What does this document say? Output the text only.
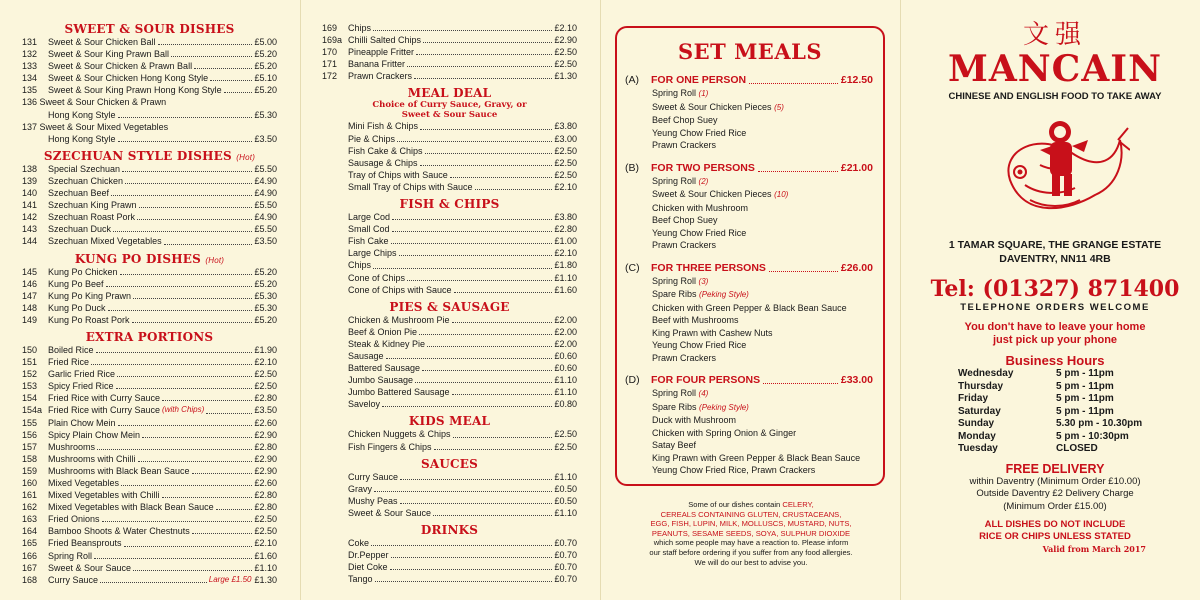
SWEET & SOUR DISHES
131	Sweet & Sour Chicken Ball	£5.00
132	Sweet & Sour King Prawn Ball	£5.20
133	Sweet & Sour Chicken & Prawn Ball	£5.20
134	Sweet & Sour Chicken Hong Kong Style	£5.10
135	Sweet & Sour King Prawn Hong Kong Style	£5.20
136 Sweet & Sour Chicken & Prawn
Hong Kong Style	£5.30
137 Sweet & Sour Mixed Vegetables
Hong Kong Style	£3.50
SZECHUAN STYLE DISHES (Hot)
138	Special Szechuan	£5.50
139	Szechuan Chicken	£4.90
140	Szechuan Beef	£4.90
141	Szechuan King Prawn	£5.50
142	Szechuan Roast Pork	£4.90
143	Szechuan Duck	£5.50
144	Szechuan Mixed Vegetables	£3.50
KUNG PO DISHES (Hot)
145	Kung Po Chicken	£5.20
146	Kung Po Beef	£5.20
147	Kung Po King Prawn	£5.30
148	Kung Po Duck	£5.30
149	Kung Po Roast Pork	£5.20
EXTRA PORTIONS
150	Boiled Rice	£1.90
151	Fried Rice	£2.10
152	Garlic Fried Rice	£2.50
153	Spicy Fried Rice	£2.50
154	Fried Rice with Curry Sauce	£2.80
154a Fried Rice with Curry Sauce (with Chips)	£3.50
155	Plain Chow Mein	£2.60
156	Spicy Plain Chow Mein	£2.90
157	Mushrooms	£2.80
158	Mushrooms with Chilli	£2.90
159	Mushrooms with Black Bean Sauce	£2.90
160	Mixed Vegetables	£2.60
161	Mixed Vegetables with Chilli	£2.80
162	Mixed Vegetables with Black Bean Sauce	£2.80
163	Fried Onions	£2.50
164	Bamboo Shoots & Water Chestnuts	£2.50
165	Fried Beansprouts	£2.10
166	Spring Roll	£1.60
167	Sweet & Sour Sauce	£1.10
168	Curry Sauce	Large £1.50 £1.30
169	Chips	£2.10
169a Chilli Salted Chips	£2.90
170	Pineapple Fritter	£2.50
171	Banana Fritter	£2.50
172	Prawn Crackers	£1.30
MEAL DEAL
Choice of Curry Sauce, Gravy, or
Sweet & Sour Sauce
Mini Fish & Chips	£3.80
Pie & Chips	£3.00
Fish Cake & Chips	£2.50
Sausage & Chips	£2.50
Tray of Chips with Sauce	£2.50
Small Tray of Chips with Sauce	£2.10
FISH & CHIPS
Large Cod	£3.80
Small Cod	£2.80
Fish Cake	£1.00
Large Chips	£2.10
Chips	£1.80
Cone of Chips	£1.10
Cone of Chips with Sauce	£1.60
PIES & SAUSAGE
Chicken & Mushroom Pie	£2.00
Beef & Onion Pie	£2.00
Steak & Kidney Pie	£2.00
Sausage	£0.60
Battered Sausage	£0.60
Jumbo Sausage	£1.10
Jumbo Battered Sausage	£1.10
Saveloy	£0.80
KIDS MEAL
Chicken Nuggets & Chips	£2.50
Fish Fingers & Chips	£2.50
SAUCES
Curry Sauce	£1.10
Gravy	£0.50
Mushy Peas	£0.50
Sweet & Sour Sauce	£1.10
DRINKS
Coke	£0.70
Dr.Pepper	£0.70
Diet Coke	£0.70
Tango	£0.70
SET MEALS
(A)	FOR ONE PERSON	£12.50
Spring Roll (1)
Sweet & Sour Chicken Pieces (5)
Beef Chop Suey
Yeung Chow Fried Rice
Prawn Crackers
(B)	FOR TWO PERSONS	£21.00
Spring Roll (2)
Sweet & Sour Chicken Pieces (10)
Chicken with Mushroom
Beef Chop Suey
Yeung Chow Fried Rice
Prawn Crackers
(C)	FOR THREE PERSONS	£26.00
Spring Roll (3)
Spare Ribs (Peking Style)
Chicken with Green Pepper & Black Bean Sauce
Beef with Mushrooms
King Prawn with Cashew Nuts
Yeung Chow Fried Rice
Prawn Crackers
(D)	FOR FOUR PERSONS	£33.00
Spring Roll (4)
Spare Ribs (Peking Style)
Duck with Mushroom
Chicken with Spring Onion & Ginger
Satay Beef
King Prawn with Green Pepper & Black Bean Sauce
Yeung Chow Fried Rice, Prawn Crackers
Some of our dishes contain CELERY,
CEREALS CONTAINING GLUTEN, CRUSTACEANS,
EGG, FISH, LUPIN, MILK, MOLLUSCS, MUSTARD, NUTS,
PEANUTS, SESAME SEEDS, SOYA, SULPHUR DIOXIDE
which some people may have a reaction to. Please inform
our staff before ordering if you suffer from any food allergies.
We will do our best to advise you.
文强
MANCAIN
CHINESE AND ENGLISH FOOD TO TAKE AWAY
1 TAMAR SQUARE, THE GRANGE ESTATE
DAVENTRY, NN11 4RB
Tel: (01327) 871400
TELEPHONE ORDERS WELCOME
You don't have to leave your home
just pick up your phone
Business Hours
Wednesday	5 pm - 11pm
Thursday	5 pm - 11pm
Friday	5 pm - 11pm
Saturday	5 pm - 11pm
Sunday	5.30 pm - 10.30pm
Monday	5 pm - 10:30pm
Tuesday	CLOSED
FREE DELIVERY
within Daventry (Minimum Order £10.00)
Outside Daventry £2 Delivery Charge
(Minimum Order £15.00)
ALL DISHES DO NOT INCLUDE
RICE OR CHIPS UNLESS STATED
Valid from March 2017
